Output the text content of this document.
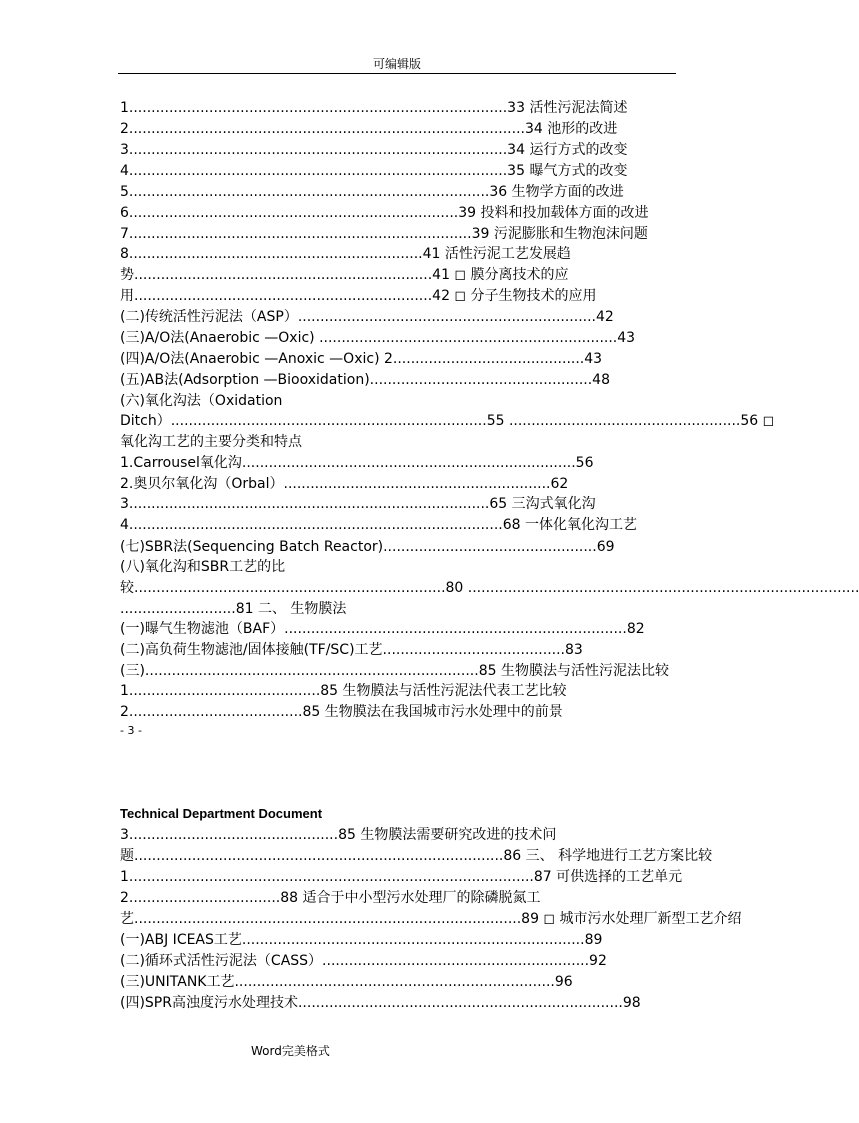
可编辑版
1.....................................................................................33 活性污泥法简述
2.........................................................................................34 池形的改进
3.....................................................................................34 运行方式的改变
4.....................................................................................35 曝气方式的改变
5.................................................................................36 生物学方面的改进
6..........................................................................39 投料和投加载体方面的改进
7.............................................................................39 污泥膨胀和生物泡沫问题
8..................................................................41 活性污泥工艺发展趋
势...................................................................41 ◻ 膜分离技术的应
用...................................................................42 ◻ 分子生物技术的应用
(二)传统活性污泥法（ASP）...................................................................42
(三)A/O法(Anaerobic —Oxic) ...................................................................43
(四)A/O法(Anaerobic —Anoxic —Oxic) 2...........................................43
(五)AB法(Adsorption —Biooxidation)..................................................48
(六)氧化沟法（Oxidation
Ditch）.......................................................................55 ....................................................56 ◻
氧化沟工艺的主要分类和特点
1.Carrousel氧化沟...........................................................................56
2.奥贝尔氧化沟（Orbal）............................................................62
3.................................................................................65 三沟式氧化沟
4....................................................................................68 一体化氧化沟工艺
(七)SBR法(Sequencing Batch Reactor)................................................69
(八)氧化沟和SBR工艺的比
较......................................................................80 ........................................................................................
..........................81 二、 生物膜法
(一)曝气生物滤池（BAF）.............................................................................82
(二)高负荷生物滤池/固体接触(TF/SC)工艺.........................................83
(三)...........................................................................85 生物膜法与活性污泥法比较
1...........................................85 生物膜法与活性污泥法代表工艺比较
2.......................................85 生物膜法在我国城市污水处理中的前景
- 3 -
Technical Department Document
3...............................................85 生物膜法需要研究改进的技术问
题...................................................................................86 三、 科学地进行工艺方案比较
1...........................................................................................87 可供选择的工艺单元
2..................................88 适合于中小型污水处理厂的除磷脱氮工
艺.......................................................................................89 ◻ 城市污水处理厂新型工艺介绍
(一)ABJ ICEAS工艺.............................................................................89
(二)循环式活性污泥法（CASS）............................................................92
(三)UNITANK工艺........................................................................96
(四)SPR高浊度污水处理技术.........................................................................98
Word完美格式
